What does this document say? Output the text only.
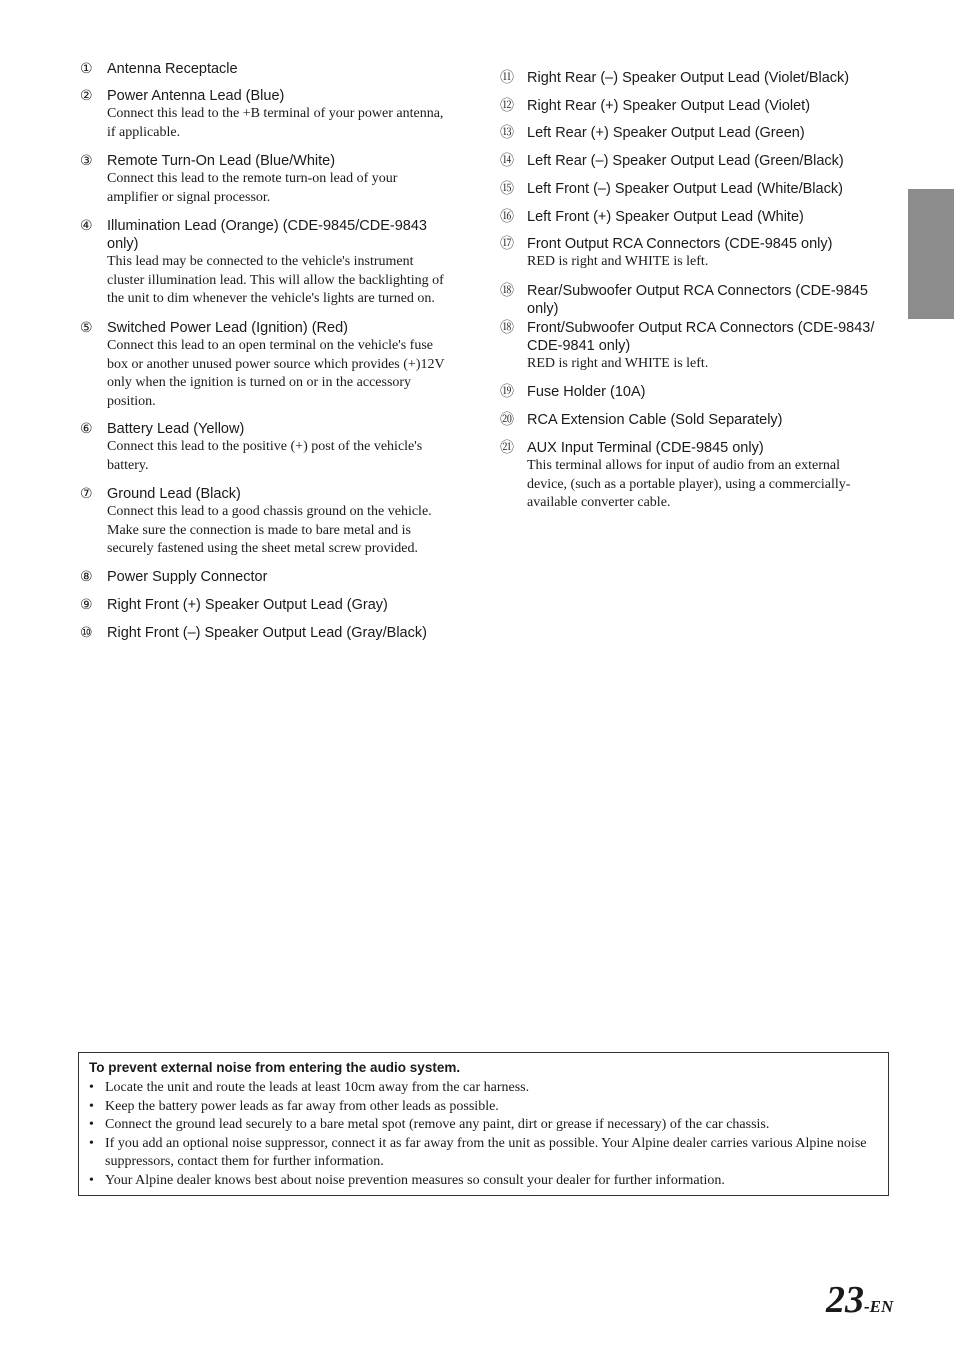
① Antenna Receptacle
② Power Antenna Lead (Blue)
Connect this lead to the +B terminal of your power antenna,
if applicable.
③ Remote Turn-On Lead (Blue/White)
Connect this lead to the remote turn-on lead of your
amplifier or signal processor.
④ Illumination Lead (Orange) (CDE-9845/CDE-9843
only)
This lead may be connected to the vehicle's instrument
cluster illumination lead. This will allow the backlighting of
the unit to dim whenever the vehicle's lights are turned on.
⑤ Switched Power Lead (Ignition) (Red)
Connect this lead to an open terminal on the vehicle's fuse
box or another unused power source which provides (+)12V
only when the ignition is turned on or in the accessory
position.
⑥ Battery Lead (Yellow)
Connect this lead to the positive (+) post of the vehicle's
battery.
⑦ Ground Lead (Black)
Connect this lead to a good chassis ground on the vehicle.
Make sure the connection is made to bare metal and is
securely fastened using the sheet metal screw provided.
⑧ Power Supply Connector
⑨ Right Front (+) Speaker Output Lead (Gray)
⑩ Right Front (–) Speaker Output Lead (Gray/Black)
⑪ Right Rear (–) Speaker Output Lead (Violet/Black)
⑫ Right Rear (+) Speaker Output Lead (Violet)
⑬ Left Rear (+) Speaker Output Lead (Green)
⑭ Left Rear (–) Speaker Output Lead (Green/Black)
⑮ Left Front (–) Speaker Output Lead (White/Black)
⑯ Left Front (+) Speaker Output Lead (White)
⑰ Front Output RCA Connectors (CDE-9845 only)
RED is right and WHITE is left.
⑱ Rear/Subwoofer Output RCA Connectors (CDE-9845
only)
⑱ Front/Subwoofer Output RCA Connectors (CDE-9843/
CDE-9841 only)
RED is right and WHITE is left.
⑲ Fuse Holder (10A)
⑳ RCA Extension Cable (Sold Separately)
㉑ AUX Input Terminal (CDE-9845 only)
This terminal allows for input of audio from an external
device, (such as a portable player), using a commercially-
available converter cable.
To prevent external noise from entering the audio system.
• Locate the unit and route the leads at least 10cm away from the car harness.
• Keep the battery power leads as far away from other leads as possible.
• Connect the ground lead securely to a bare metal spot (remove any paint, dirt or grease if necessary) of the car chassis.
• If you add an optional noise suppressor, connect it as far away from the unit as possible. Your Alpine dealer carries various Alpine noise suppressors, contact them for further information.
• Your Alpine dealer knows best about noise prevention measures so consult your dealer for further information.
23-EN
